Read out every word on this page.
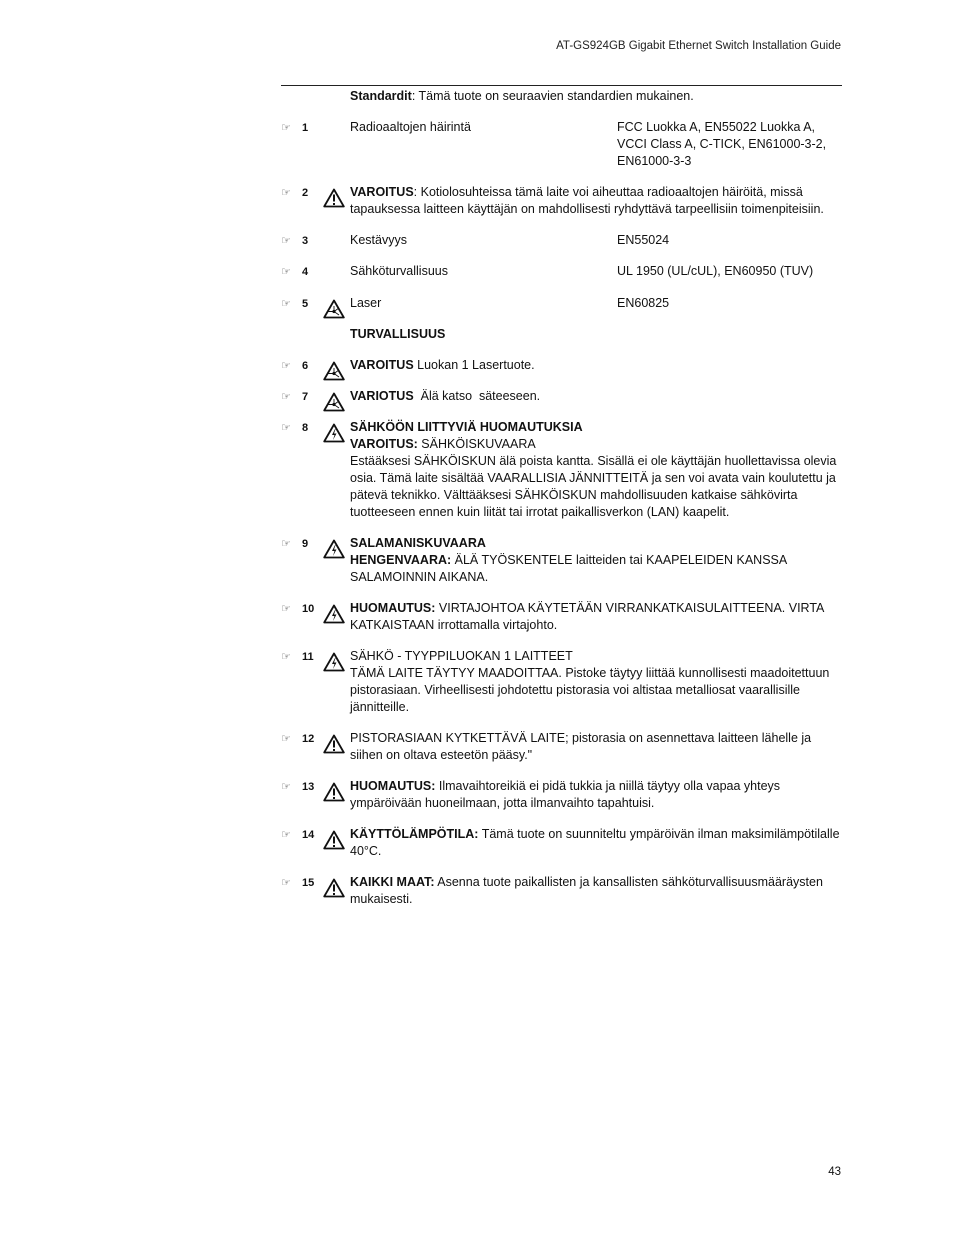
AT-GS924GB Gigabit Ethernet Switch Installation Guide
Standardit: Tämä tuote on seuraavien standardien mukainen.
☞ 1	Radioaaltojen häirintä	FCC Luokka A, EN55022 Luokka A, VCCI Class A, C-TICK, EN61000-3-2, EN61000-3-3
☞ 2	VAROITUS: Kotiolosuhteissa tämä laite voi aiheuttaa radioaaltojen häiröitä, missä tapauksessa laitteen käyttäjän on mahdollisesti ryhdyttävä tarpeellisiin toimenpiteisiin.
☞ 3	Kestävyys	EN55024
☞ 4	Sähköturvallisuus	UL 1950 (UL/cUL), EN60950 (TUV)
☞ 5	Laser	EN60825
TURVALLISUUS
☞ 6	VAROITUS Luokan 1 Lasertuote.
☞ 7	VARIOTUS  Älä katso  säteeseen.
☞ 8	SÄHKÖÖN LIITTYVIÄ HUOMAUTUKSIA
VAROITUS: SÄHKÖISKUVAARA
Estääksesi SÄHKÖISKUN älä poista kantta. Sisällä ei ole käyttäjän huollettavissa olevia osia. Tämä laite sisältää VAARALLISIA JÄNNITTEITÄ ja sen voi avata vain koulutettu ja pätevä teknikko. Välttääksesi SÄHKÖISKUN mahdollisuuden katkaise sähkövirta tuotteeseen ennen kuin liität tai irrotat paikallisverkon (LAN) kaapelit.
☞ 9	SALAMANISKUVAARA
HENGENVAARA: ÄLÄ TYÖSKENTELE laitteiden tai KAAPELEIDEN KANSSA SALAMOINNIN AIKANA.
☞ 10	HUOMAUTUS: VIRTAJOHTOA KÄYTETÄÄN VIRRANKATKAISULAITTEENA. VIRTA KATKAISTAAN irrottamalla virtajohto.
☞ 11	SÄHKÖ - TYYPPILUOKAN 1 LAITTEET
TÄMÄ LAITE TÄYTYY MAADOITTAA. Pistoke täytyy liittää kunnollisesti maadoitettuun pistorasiaan. Virheellisesti johdotettu pistorasia voi altistaa metalliosat vaarallisille jännitteille.
☞ 12	PISTORASIAAN KYTKETTÄVÄ LAITE; pistorasia on asennettava laitteen lähelle ja siihen on oltava esteetön pääsy."
☞ 13	HUOMAUTUS: Ilmavaihtoreikiä ei pidä tukkia ja niillä täytyy olla vapaa yhteys ympäröivään huoneilmaan, jotta ilmanvaihto tapahtuisi.
☞ 14	KÄYTTÖLÄMPÖTILA: Tämä tuote on suunniteltu ympäröivän ilman maksimilämpötilalle 40°C.
☞ 15	KAIKKI MAAT: Asenna tuote paikallisten ja kansallisten sähköturvallisuusmääräysten mukaisesti.
43
